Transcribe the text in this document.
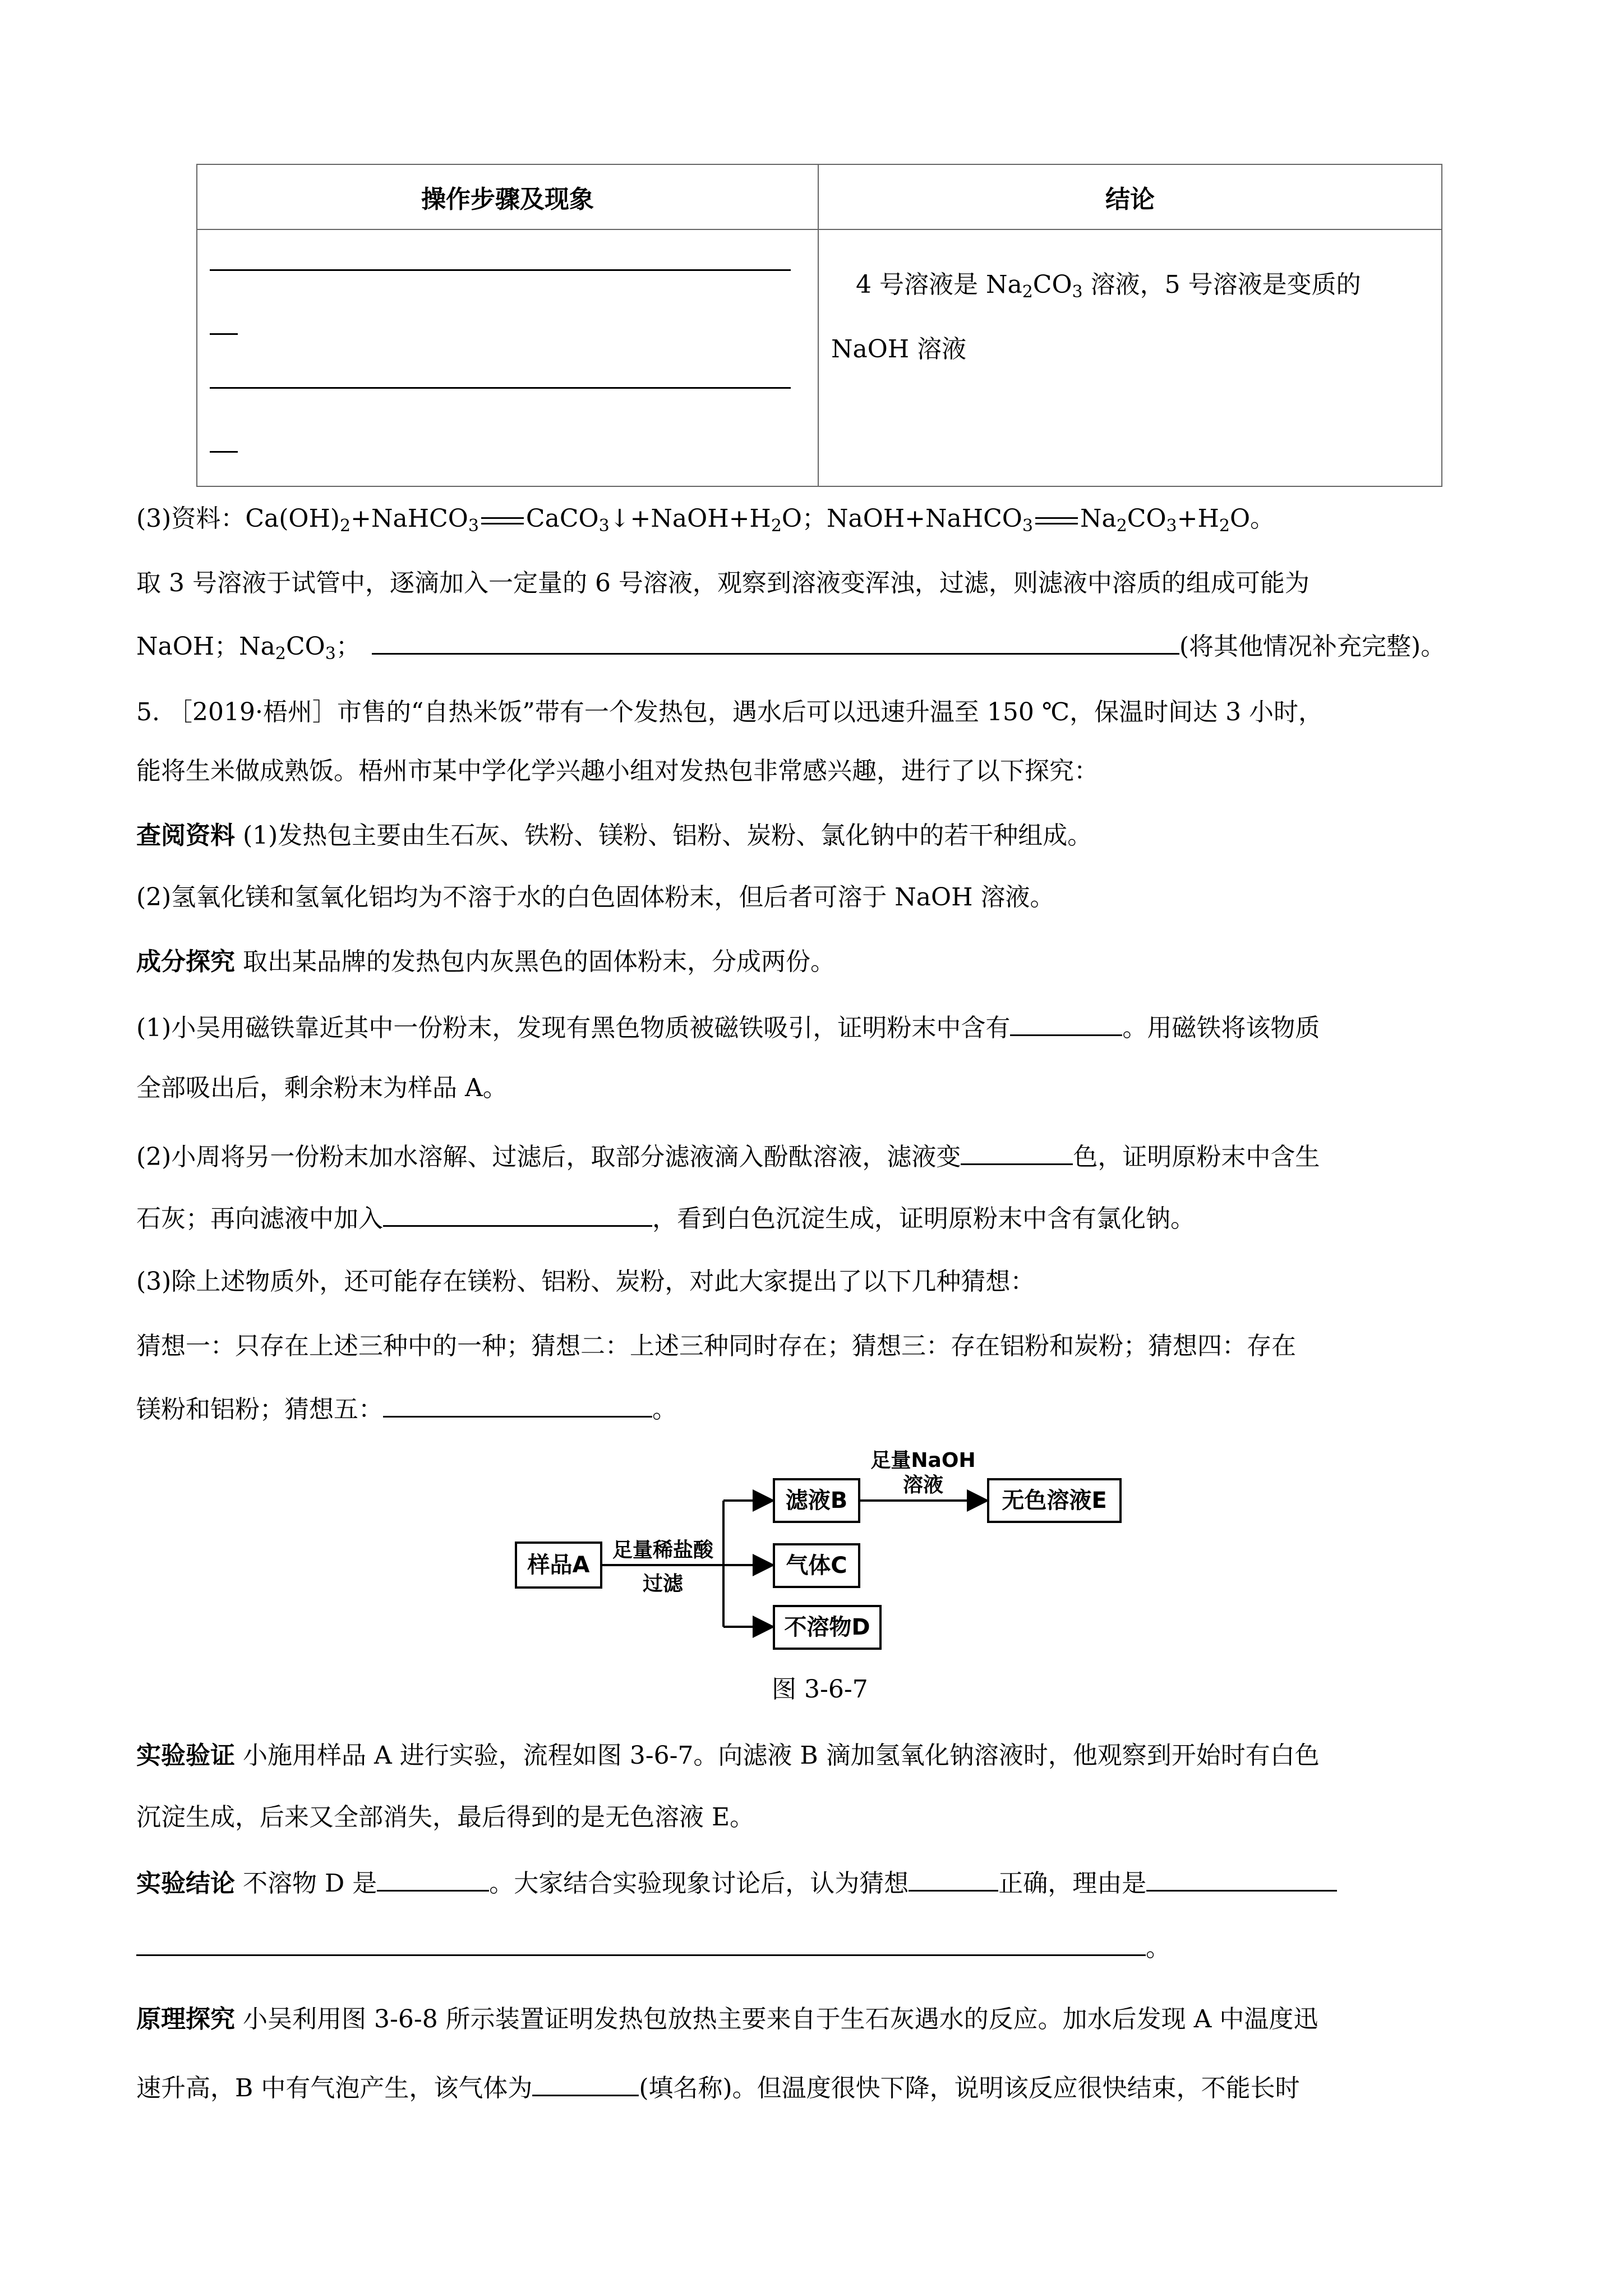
操作步骤及现象	结论

	4 号溶液是 $Na_2CO_3$ 溶液，5 号溶液是变质的 NaOH 溶液
(3)资料：$Ca(OH)_2+NaHCO_3$ $CaCO_3↓+NaOH+H_2O$；NaOH+NaHCO$_3$ $Na_2CO_3+H_2O$。
取 3 号溶液于试管中，逐滴加入一定量的 6 号溶液，观察到溶液变浑浊，过滤，则滤液中溶质的组成可能为
NaOH；$Na_2CO_3$；	(将其他情况补充完整)。
5. ［2019·梧州］市售的“自热米饭”带有一个发热包，遇水后可以迅速升温至 150 ℃，保温时间达 3 小时，
能将生米做成熟饭。梧州市某中学化学兴趣小组对发热包非常感兴趣，进行了以下探究：
查阅资料 (1)发热包主要由生石灰、铁粉、镁粉、铝粉、炭粉、氯化钠中的若干种组成。
(2)氢氧化镁和氢氧化铝均为不溶于水的白色固体粉末，但后者可溶于 NaOH 溶液。
成分探究 取出某品牌的发热包内灰黑色的固体粉末，分成两份。
(1)小吴用磁铁靠近其中一份粉末，发现有黑色物质被磁铁吸引，证明粉末中含有	。用磁铁将该物质
全部吸出后，剩余粉末为样品 A。
(2)小周将另一份粉末加水溶解、过滤后，取部分滤液滴入酚酞溶液，滤液变	色，证明原粉末中含生
石灰；再向滤液中加入	，看到白色沉淀生成，证明原粉末中含有氯化钠。
(3)除上述物质外，还可能存在镁粉、铝粉、炭粉，对此大家提出了以下几种猜想：
猜想一：只存在上述三种中的一种；猜想二：上述三种同时存在；猜想三：存在铝粉和炭粉；猜想四：存在
镁粉和铝粉；猜想五：	。
样品A
足量稀盐酸
过滤
滤液B
气体C
不溶物D
足量NaOH
溶液
无色溶液E
图 3-6-7
实验验证 小施用样品 A 进行实验，流程如图 3-6-7。向滤液 B 滴加氢氧化钠溶液时，他观察到开始时有白色
沉淀生成，后来又全部消失，最后得到的是无色溶液 E。
实验结论 不溶物 D 是	。大家结合实验现象讨论后，认为猜想	正确，理由是
。
原理探究 小吴利用图 3-6-8 所示装置证明发热包放热主要来自于生石灰遇水的反应。加水后发现 A 中温度迅
速升高，B 中有气泡产生，该气体为	(填名称)。但温度很快下降，说明该反应很快结束，不能长时
